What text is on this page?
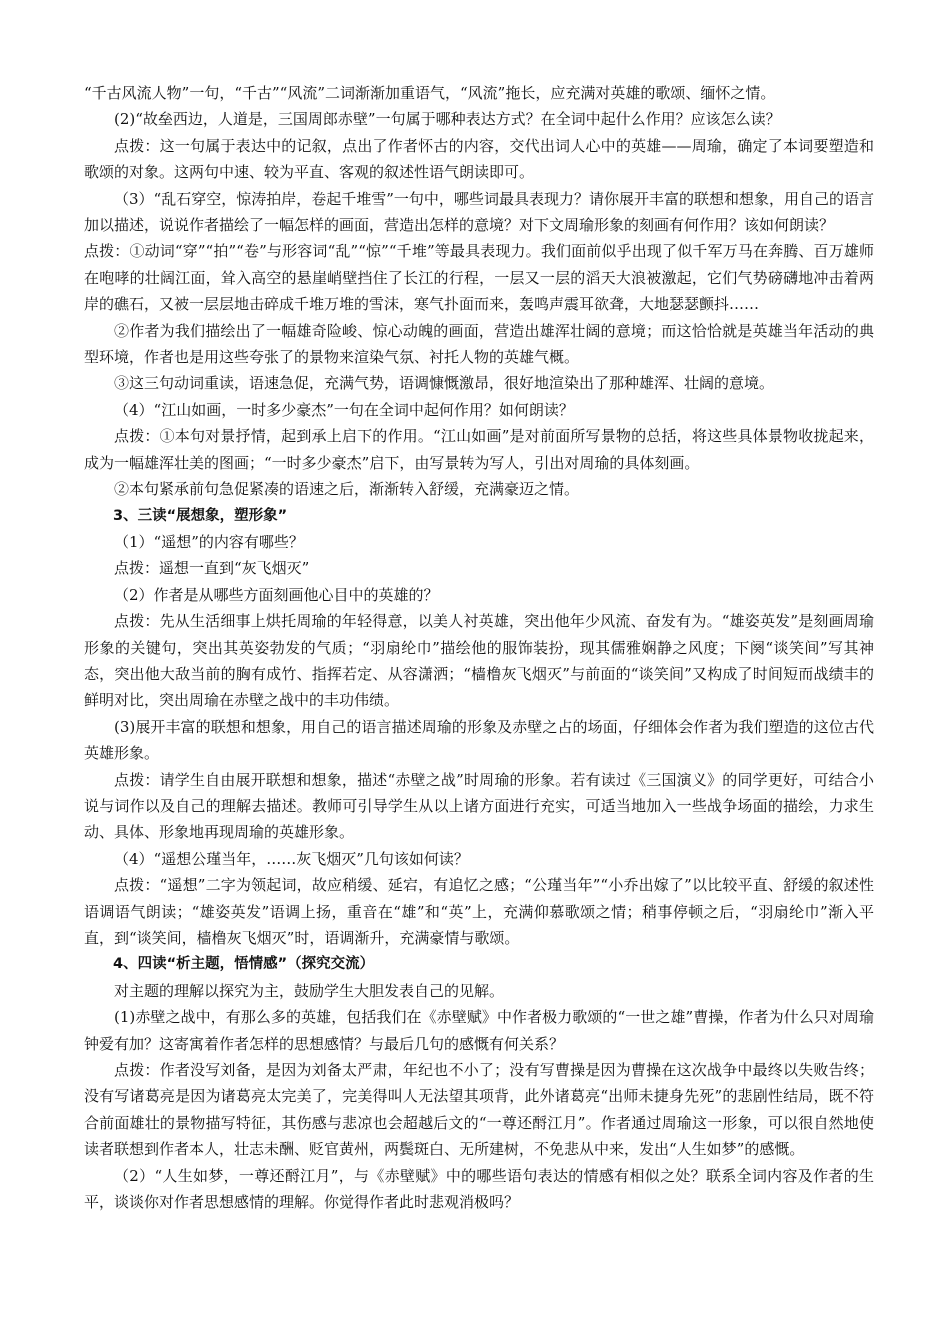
“千古风流人物”一句，“千古”“风流”二词渐渐加重语气，“风流”拖长，应充满对英雄的歌颂、缅怀之情。

(2)“故垒西边，人道是，三国周郎赤壁”一句属于哪种表达方式？在全词中起什么作用？应该怎么读？

点拨：这一句属于表达中的记叙，点出了作者怀古的内容，交代出词人心中的英雄——周瑜，确定了本词要塑造和歌颂的对象。这两句中速、较为平直、客观的叙述性语气朗读即可。

（3）“乱石穿空，惊涛拍岸，卷起千堆雪”一句中，哪些词最具表现力？请你展开丰富的联想和想象，用自己的语言加以描述，说说作者描绘了一幅怎样的画面，营造出怎样的意境？对下文周瑜形象的刻画有何作用？该如何朗读？

点拨：①动词“穿”“拍”“卷”与形容词“乱”“惊”“千堆”等最具表现力。我们面前似乎出现了似千军万马在奔腾、百万雄师在咆哮的壮阔江面，耸入高空的悬崖峭壁挡住了长江的行程，一层又一层的滔天大浪被激起，它们气势磅礴地冲击着两岸的礁石，又被一层层地击碎成千堆万堆的雪沫，寒气扑面而来，轰鸣声震耳欲聋，大地瑟瑟颤抖……

②作者为我们描绘出了一幅雄奇险峻、惊心动魄的画面，营造出雄浑壮阔的意境；而这恰恰就是英雄当年活动的典型环境，作者也是用这些夸张了的景物来渲染气氛、衬托人物的英雄气概。

③这三句动词重读，语速急促，充满气势，语调慷慨激昂，很好地渲染出了那种雄浑、壮阔的意境。

（4）“江山如画，一时多少豪杰”一句在全词中起何作用？如何朗读？

点拨：①本句对景抒情，起到承上启下的作用。“江山如画”是对前面所写景物的总括，将这些具体景物收拢起来，成为一幅雄浑壮美的图画；“一时多少豪杰”启下，由写景转为写人，引出对周瑜的具体刻画。

②本句紧承前句急促紧凑的语速之后，渐渐转入舒缓，充满豪迈之情。

3、三读“展想象，塑形象”

（1）“遥想”的内容有哪些？

点拨：遥想一直到“灰飞烟灭”

（2）作者是从哪些方面刻画他心目中的英雄的？

点拨：先从生活细事上烘托周瑜的年轻得意，以美人衬英雄，突出他年少风流、奋发有为。“雄姿英发”是刻画周瑜形象的关键句，突出其英姿勃发的气质；“羽扇纶巾”描绘他的服饰装扮，现其儒雅娴静之风度；下阕“谈笑间”写其神态，突出他大敌当前的胸有成竹、指挥若定、从容潇洒；“樯橹灰飞烟灭”与前面的“谈笑间”又构成了时间短而战绩丰的鲜明对比，突出周瑜在赤壁之战中的丰功伟绩。

(3)展开丰富的联想和想象，用自己的语言描述周瑜的形象及赤壁之占的场面，仔细体会作者为我们塑造的这位古代英雄形象。

点拨：请学生自由展开联想和想象，描述“赤壁之战”时周瑜的形象。若有读过《三国演义》的同学更好，可结合小说与词作以及自己的理解去描述。教师可引导学生从以上诸方面进行充实，可适当地加入一些战争场面的描绘，力求生动、具体、形象地再现周瑜的英雄形象。

（4）“遥想公瑾当年，……灰飞烟灭”几句该如何读？

点拨：“遥想”二字为领起词，故应稍缓、延宕，有追忆之感；“公瑾当年”“小乔出嫁了”以比较平直、舒缓的叙述性语调语气朗读；“雄姿英发”语调上扬，重音在“雄”和“英”上，充满仰慕歌颂之情；稍事停顿之后，“羽扇纶巾”渐入平直，到“谈笑间，樯橹灰飞烟灭”时，语调渐升，充满豪情与歌颂。

4、四读“析主题，悟情感”（探究交流）

对主题的理解以探究为主，鼓励学生大胆发表自己的见解。

(1)赤壁之战中，有那么多的英雄，包括我们在《赤壁赋》中作者极力歌颂的“一世之雄”曹操，作者为什么只对周瑜钟爱有加？这寄寓着作者怎样的思想感情？与最后几句的感慨有何关系？

点拨：作者没写刘备，是因为刘备太严肃，年纪也不小了；没有写曹操是因为曹操在这次战争中最终以失败告终；没有写诸葛亮是因为诸葛亮太完美了，完美得叫人无法望其项背，此外诸葛亮“出师未捷身先死”的悲剧性结局，既不符合前面雄壮的景物描写特征，其伤感与悲凉也会超越后文的“一尊还酹江月”。作者通过周瑜这一形象，可以很自然地使读者联想到作者本人，壮志未酬、贬官黄州，两鬓斑白、无所建树，不免悲从中来，发出“人生如梦”的感慨。

（2）“人生如梦，一尊还酹江月”，与《赤壁赋》中的哪些语句表达的情感有相似之处？联系全词内容及作者的生平，谈谈你对作者思想感情的理解。你觉得作者此时悲观消极吗？
